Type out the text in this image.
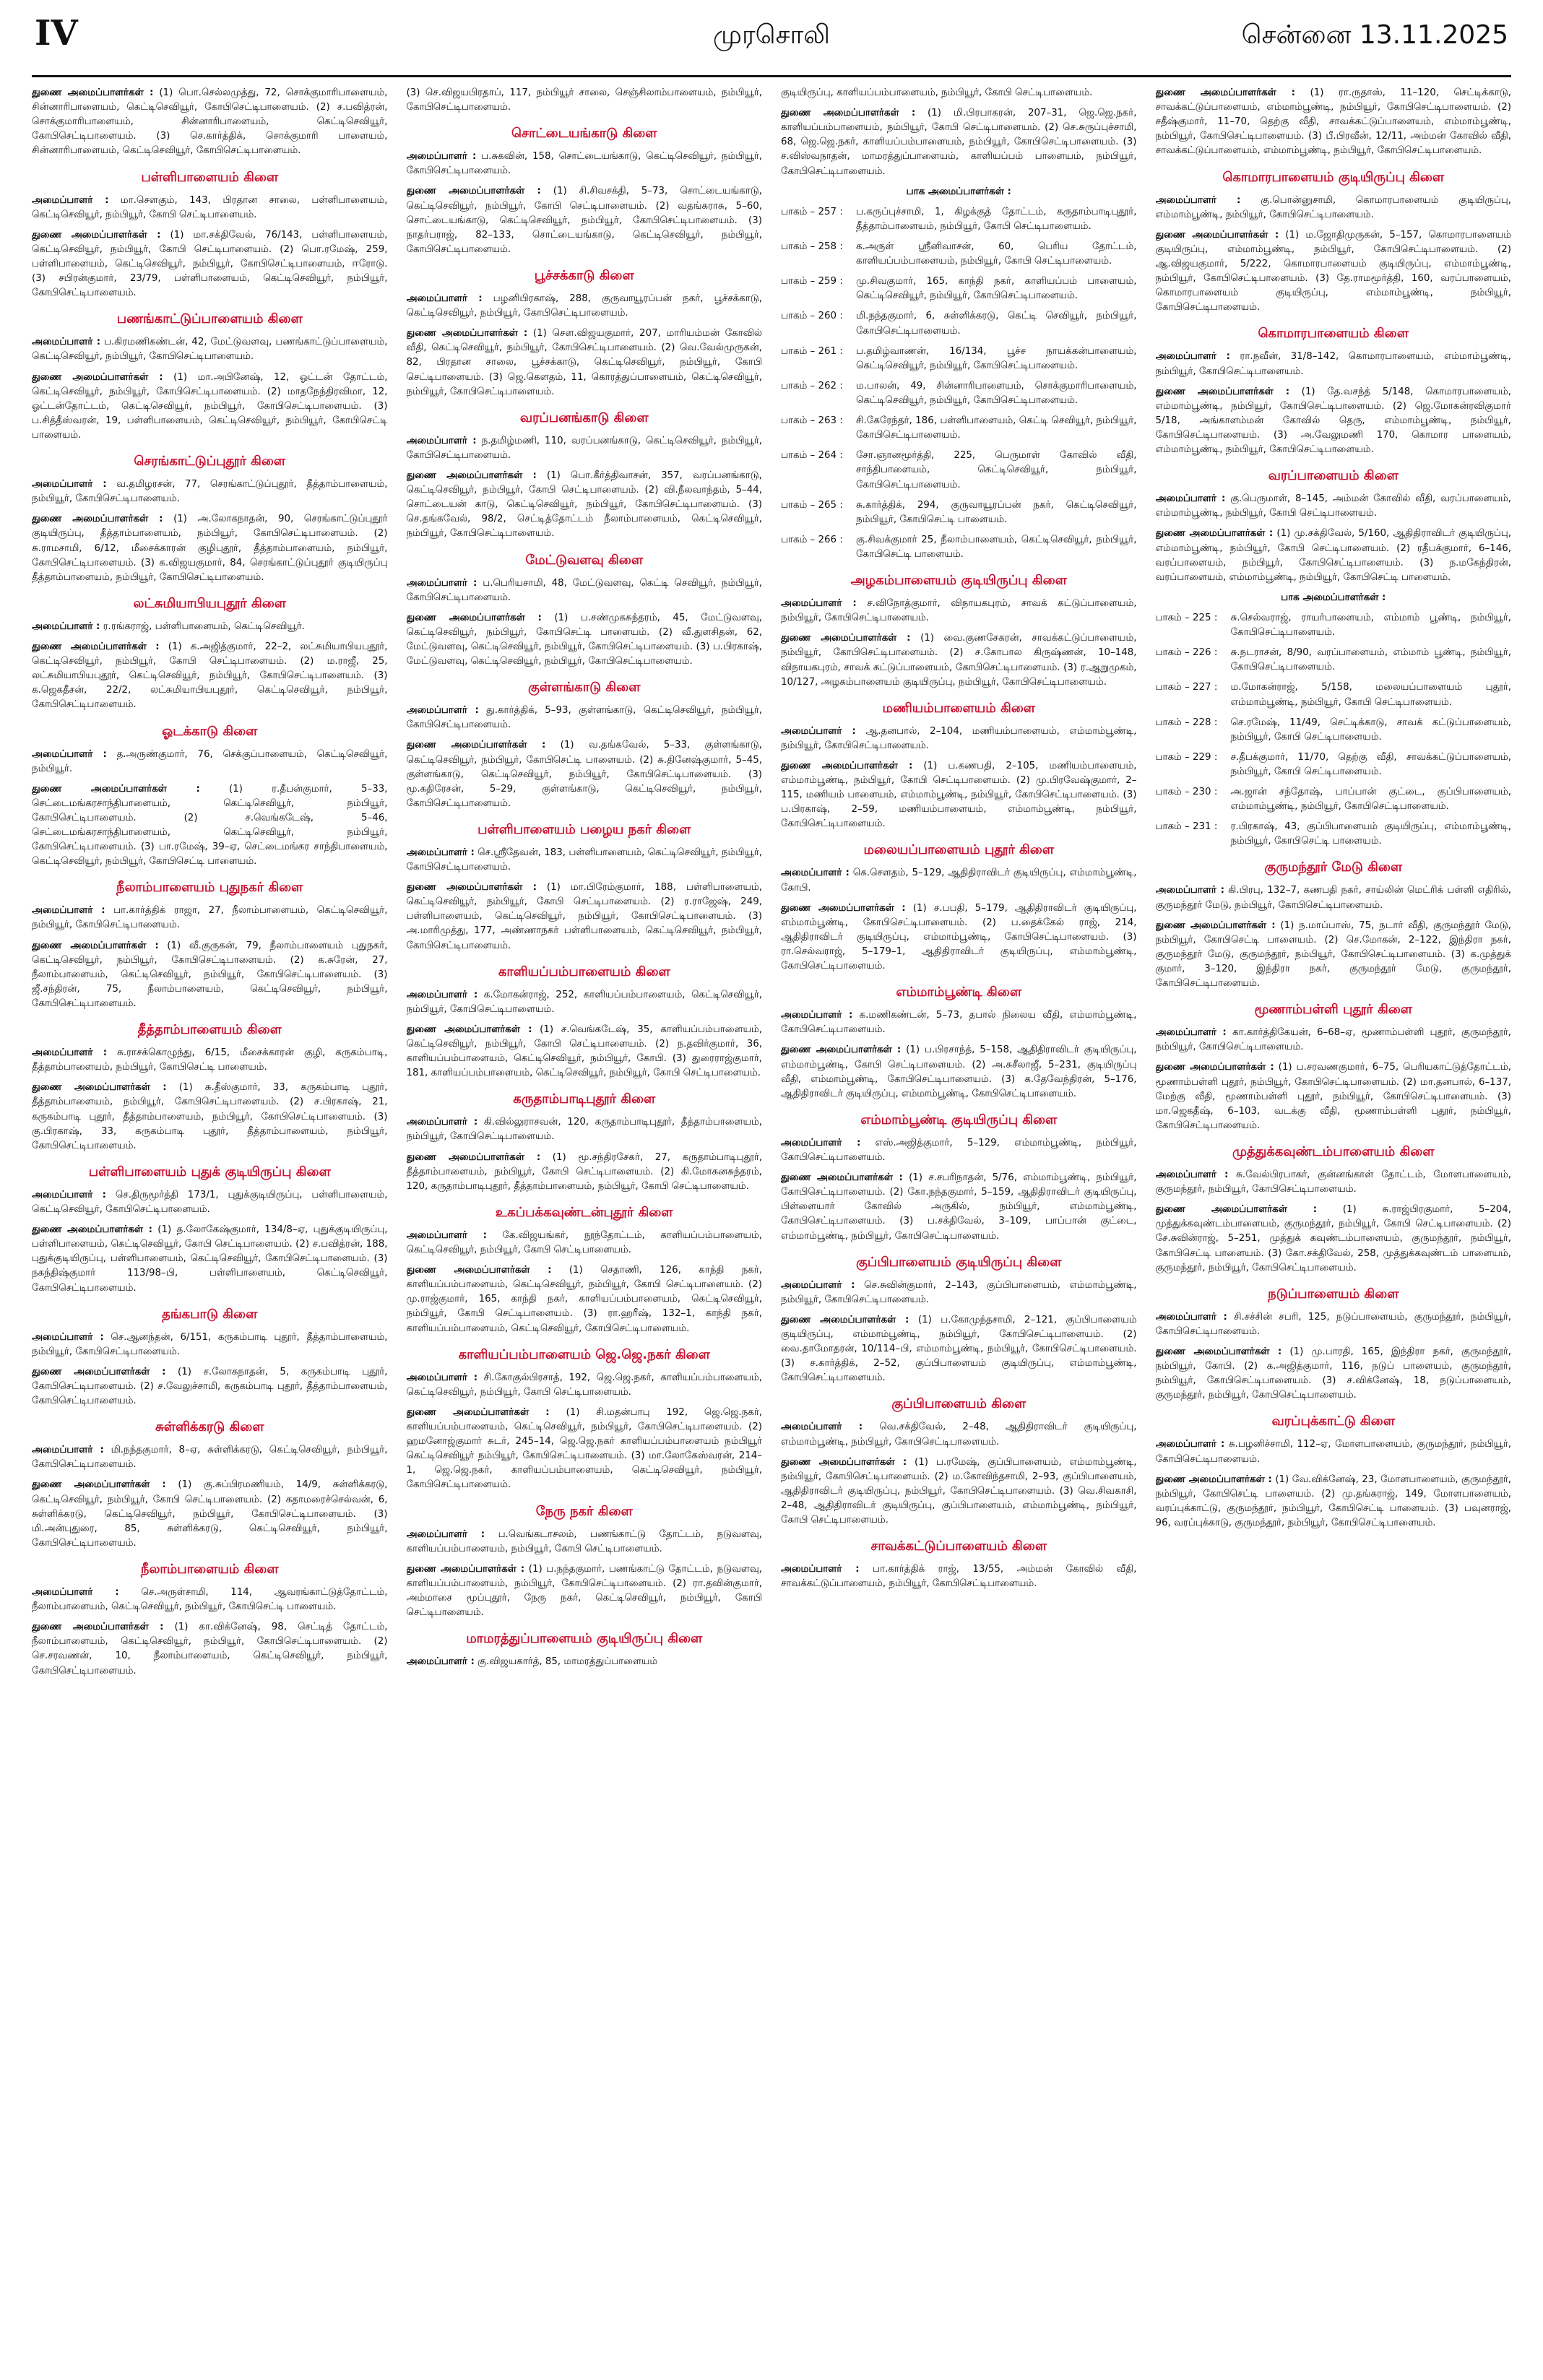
IV	முரசொலி	சென்னை 13.11.2025

துணை அமைப்பாளர்கள் : (1) பொ.செல்லமுத்து, 72, சொக்குமாரிபாளையம், சின்னாரிபாளையம், கெட்டிசெவியூர், கோபிசெட்டிபாளையம். (2) ச.பவித்ரன், சொக்குமாரிபாளையம், சின்னாரிபாளையம், கெட்டிசெவியூர், கோபிசெட்டிபாளையம். (3) செ.கார்த்திக், சொக்குமாரி பாளையம், சின்னாரிபாளையம், கெட்டிசெவியூர், கோபிசெட்டிபாளையம்.

பள்ளிபாளையம் கிளை

அமைப்பாளர் : மா.செளகும், 143, பிரதான சாலை, பள்ளிபாளையம், கெட்டிசெவியூர், நம்பியூர், கோபி செட்டிபாளையம்.

துணை அமைப்பாளர்கள் : (1) மா.சக்திவேல், 76/143, பள்ளிபாளையம், கெட்டிசெவியூர், நம்பியூர், கோபி செட்டிபாளையம். (2) பொ.ரமேஷ், 259, பள்ளிபாளையம், கெட்டிசெவியூர், நம்பியூர், கோபிசெட்டிபாளையம், ஈரோடு. (3) சபிரன்குமார், 23/79, பள்ளிபாளையம், கெட்டிசெவியூர், நம்பியூர், கோபிசெட்டிபாளையம்.

பணங்காட்டுப்பாளையம் கிளை

அமைப்பாளர் : ப.கிரமணிகண்டன், 42, மேட்டுவளவு, பணங்காட்டுப்பாளையம், கெட்டிசெவியூர், நம்பியூர், கோபிசெட்டிபாளையம்.

துணை அமைப்பாளர்கள் : (1) மா.அபினேஷ், 12, ஓட்டன் தோட்டம், கெட்டிசெவியூர், நம்பியூர், கோபிசெட்டிபாளையம். (2) மாதநேந்திரவிமா, 12, ஓட்டன்தோட்டம், கெட்டிசெவியூர், நம்பியூர், கோபிசெட்டிபாளையம். (3) ப.சித்தீஸ்வரன், 19, பள்ளிபாளையம், கெட்டிசெவியூர், நம்பியூர், கோபிசெட்டி பாளையம்.

செரங்காட்டுப்புதூர் கிளை

அமைப்பாளர் : வ.தமிழரசன், 77, செரங்காட்டுப்புதூர், தீத்தாம்பாளையம், நம்பியூர், கோபிசெட்டிபாளையம்.

துணை அமைப்பாளர்கள் : (1) அ.லோகநாதன், 90, செரங்காட்டுப்புதூர் குடியிருப்பு, தீத்தாம்பாளையம், நம்பியூர், கோபிசெட்டிபாளையம். (2) சு.ராமசாமி, 6/12, மீசைக்காரன் குழிபுதூர், தீத்தாம்பாளையம், நம்பியூர், கோபிசெட்டிபாளையம். (3) க.விஜயகுமார், 84, செரங்காட்டுப்புதூர் குடியிருப்பு தீத்தாம்பாளையம், நம்பியூர், கோபிசெட்டிபாளையம்.

லட்சுமியாபியபுதூர் கிளை

அமைப்பாளர் : ர.ரங்கராஜ், பள்ளிபாளையம், கெட்டிசெவியூர்.

துணை அமைப்பாளர்கள் : (1) க.அஜித்குமார், 22–2, லட்சுமியாபியபுதூர், கெட்டிசெவியூர், நம்பியூர், கோபி செட்டிபாளையம். (2) ம.ராஜீ, 25, லட்சுமியாபியபுதூர், கெட்டிசெவியூர், நம்பியூர், கோபிசெட்டிபாளையம். (3) க.ஜெகதீசன், 22/2, லட்சுமியாபியபுதூர், கெட்டிசெவியூர், நம்பியூர், கோபிசெட்டிபாளையம்.

ஓடக்காடு கிளை

அமைப்பாளர் : த.அருண்குமார், 76, செக்குப்பாளையம், கெட்டிசெவியூர், நம்பியூர்.

துணை அமைப்பாளர்கள் :	(1) ர.தீபன்குமார், 5–33, செட்டைமங்கரசாந்திபாளையம், கெட்டிசெவியூர், நம்பியூர், கோபிசெட்டிபாளையம். (2) ச.வெங்கடேஷ், 5–46, செட்டைமங்கரசாந்திபாளையம், கெட்டிசெவியூர், நம்பியூர், கோபிசெட்டிபாளையம். (3) பா.ரமேஷ், 39–ஏ, செட்டைமங்கர சாந்திபாளையம், கெட்டிசெவியூர், நம்பியூர், கோபிசெட்டி பாளையம்.

நீலாம்பாளையம் புதுநகர் கிளை

அமைப்பாளர் : பா.கார்த்திக் ராஜா, 27, நீலாம்பாளையம், கெட்டிசெவியூர், நம்பியூர், கோபிசெட்டிபாளையம்.

துணை அமைப்பாளர்கள் : (1) வீ.குருகன், 79, நீலாம்பாளையம் புதுநகர், கெட்டிசெவியூர், நம்பியூர், கோபிசெட்டிபாளையம். (2) க.சுரேன், 27, நீலாம்பாளையம், கெட்டிசெவியூர், நம்பியூர், கோபிசெட்டிபாளையம். (3) ஜீ.சந்திரன், 75, நீலாம்பாளையம், கெட்டிசெவியூர், நம்பியூர், கோபிசெட்டிபாளையம்.

தீத்தாம்பாளையம் கிளை

அமைப்பாளர் : சு.ராசக்கொழுந்து, 6/15, மீசைக்காரன் குழி, கருகம்பாடி, தீத்தாம்பாளையம், நம்பியூர், கோபிசெட்டி பாளையம்.

துணை அமைப்பாளர்கள் : (1) சு.தீஸ்குமார், 33, கருகம்பாடி புதூர், தீத்தாம்பாளையம், நம்பியூர், கோபிசெட்டிபாளையம். (2) ச.பிரகாஷ், 21, கருகம்பாடி புதூர், தீத்தாம்பாளையம், நம்பியூர், கோபிசெட்டிபாளையம். (3) கு.பிரகாஷ், 33, கருகம்பாடி புதூர், தீத்தாம்பாளையம், நம்பியூர், கோபிசெட்டிபாளையம்.

பள்ளிபாளையம் புதுக் குடியிருப்பு கிளை

அமைப்பாளர் : செ.திருமூர்த்தி 173/1, புதுக்குடியிருப்பு, பள்ளிபாளையம், கெட்டிசெவியூர், கோபிசெட்டிபாளையம்.

துணை அமைப்பாளர்கள் : (1) த.லோகேஷ்குமார், 134/8–ஏ, புதுக்குடியிருப்பு, பள்ளிபாளையம், கெட்டிசெவியூர், கோபி செட்டிபாளையம். (2) ச.பவித்ரன், 188, புதுக்குடியிருப்பு, பள்ளிபாளையம், கெட்டிசெவியூர், கோபிசெட்டிபாளையம். (3) நகந்திஷ்குமார் 113/98–பி, பள்ளிபாளையம், கெட்டிசெவியூர், கோபிசெட்டிபாளையம்.

தங்கபாடு கிளை

அமைப்பாளர் : செ.ஆனந்தன், 6/151, கருகம்பாடி புதூர், தீத்தாம்பாளையம், நம்பியூர், கோபிசெட்டிபாளையம்.

துணை அமைப்பாளர்கள் : (1) ச.லோகநாதன், 5, கருகம்பாடி புதூர், கோபிசெட்டிபாளையம். (2) ச.வேலுச்சாமி, கருகம்பாடி புதூர், தீத்தாம்பாளையம், கோபிசெட்டிபாளையம்.

சுள்ளிக்கரடு கிளை

அமைப்பாளர் : மி.நந்தகுமார், 8–ஏ, சுள்ளிக்கரடு, கெட்டிசெவியூர், நம்பியூர், கோபிசெட்டிபாளையம்.

துணை அமைப்பாளர்கள் : (1) கு.சுப்பிரமணியம், 14/9, சுள்ளிக்கரடு, கெட்டிசெவியூர், நம்பியூர், கோபி செட்டிபாளையம். (2) கதாமரைச்செல்வன், 6, சுள்ளிக்கரடு, கெட்டிசெவியூர், நம்பியூர், கோபிசெட்டிபாளையம். (3) மி.அன்புதுரை, 85, சுள்ளிக்கரடு, கெட்டிசெவியூர், நம்பியூர், கோபிசெட்டிபாளையம்.

நீலாம்பாளையம் கிளை

அமைப்பாளர் : செ.அருள்சாமி, 114, ஆவரங்காட்டுத்தோட்டம், நீலாம்பாளையம், கெட்டிசெவியூர், நம்பியூர், கோபிசெட்டி பாளையம்.

துணை அமைப்பாளர்கள் : (1) கா.விக்னேஷ், 98, செட்டித் தோட்டம், நீலாம்பாளையம், கெட்டிசெவியூர், நம்பியூர், கோபிசெட்டிபாளையம். (2) செ.சரவணன், 10, நீலாம்பாளையம், கெட்டிசெவியூர், நம்பியூர், கோபிசெட்டிபாளையம்.

(3) செ.விஜயபிரதாப், 117, நம்பியூர் சாலை, செஞ்சிலாம்பாளையம், நம்பியூர், கோபிசெட்டிபாளையம்.

சொட்டையங்காடு கிளை

அமைப்பாளர் : ப.சுகவின், 158, சொட்டையங்காடு, கெட்டிசெவியூர், நம்பியூர், கோபிசெட்டிபாளையம்.

துணை அமைப்பாளர்கள் : (1) சி.சிவசக்தி, 5–73, சொட்டையங்காடு, கெட்டிசெவியூர், நம்பியூர், கோபி செட்டிபாளையம். (2) வதங்கராசு, 5–60, சொட்டையங்காடு, கெட்டிசெவியூர், நம்பியூர், கோபிசெட்டிபாளையம். (3) நாதர்பராஜ், 82–133, சொட்டையங்காடு, கெட்டிசெவியூர், நம்பியூர், கோபிசெட்டிபாளையம்.

பூச்சக்காடு கிளை

அமைப்பாளர் : பழனிபிரகாஷ், 288, குருவாயூரப்பன் நகர், பூச்சக்காடு, கெட்டிசெவியூர், நம்பியூர், கோபிசெட்டிபாளையம்.

துணை அமைப்பாளர்கள் : (1) செள.விஜயகுமார், 207, மாரியம்மன் கோவில் வீதி, கெட்டிசெவியூர், நம்பியூர், கோபிசெட்டிபாளையம். (2) வெ.வேல்முருகன், 82, பிரதான சாலை, பூச்சக்காடு, கெட்டிசெவியூர், நம்பியூர், கோபி செட்டிபாளையம். (3) ஜெ.கௌதம், 11, கொரத்துப்பாளையம், கெட்டிசெவியூர், நம்பியூர், கோபிசெட்டிபாளையம்.

வரப்பனங்காடு கிளை

அமைப்பாளர் : ந.தமிழ்மணி, 110, வரப்பனங்காடு, கெட்டிசெவியூர், நம்பியூர், கோபிசெட்டிபாளையம்.

துணை அமைப்பாளர்கள் : (1) பொ.கீர்த்திவாசன், 357, வரப்பனங்காடு, கெட்டிசெவியூர், நம்பியூர், கோபி செட்டிபாளையம். (2) வி.நீலவாந்தம், 5–44, சொட்டையன் காடு, கெட்டிசெவியூர், நம்பியூர், கோபிசெட்டிபாளையம். (3) செ.தங்கவேல், 98/2, செட்டித்தோட்டம் நீலாம்பாளையம், கெட்டிசெவியூர், நம்பியூர், கோபிசெட்டிபாளையம்.

மேட்டுவளவு கிளை

அமைப்பாளர் : ப.பெரியசாமி, 48, மேட்டுவளவு, கெட்டி செவியூர், நம்பியூர், கோபிசெட்டிபாளையம்.

துணை அமைப்பாளர்கள் : (1) ப.சண்முகசுந்தரம், 45, மேட்டுவளவு, கெட்டிசெவியூர், நம்பியூர், கோபிசெட்டி பாளையம். (2) வீ.துளசிதன், 62, மேட்டுவளவு, கெட்டிசெவியூர், நம்பியூர், கோபிசெட்டிபாளையம். (3) ப.பிரகாஷ், மேட்டுவளவு, கெட்டிசெவியூர், நம்பியூர், கோபிசெட்டிபாளையம்.

குள்ளங்காடு கிளை

அமைப்பாளர் : து.கார்த்திக், 5–93, குள்ளங்காடு, கெட்டிசெவியூர், நம்பியூர், கோபிசெட்டிபாளையம்.

துணை அமைப்பாளர்கள் : (1) வ.தங்கவேல், 5–33, குள்ளங்காடு, கெட்டிசெவியூர், நம்பியூர், கோபிசெட்டி பாளையம். (2) சு.தினேஷ்குமார், 5–45, குள்ளங்காடு, கெட்டிசெவியூர், நம்பியூர், கோபிசெட்டிபாளையம். (3) மூ.கதிரேசன், 5–29, குள்ளங்காடு, கெட்டிசெவியூர், நம்பியூர், கோபிசெட்டிபாளையம்.

பள்ளிபாளையம் பழைய நகர் கிளை

அமைப்பாளர் : செ.ஸ்ரீதேவன், 183, பள்ளிபாளையம், கெட்டிசெவியூர், நம்பியூர், கோபிசெட்டிபாளையம்.

துணை அமைப்பாளர்கள் : (1) மா.பிரேம்குமார், 188, பள்ளிபாளையம், கெட்டிசெவியூர், நம்பியூர், கோபி செட்டிபாளையம். (2) ர.ராஜேஷ், 249, பள்ளிபாளையம், கெட்டிசெவியூர், நம்பியூர், கோபிசெட்டிபாளையம். (3) அ.மாரிமுத்து, 177, அண்ணாநகர் பள்ளிபாளையம், கெட்டிசெவியூர், நம்பியூர், கோபிசெட்டிபாளையம்.

காளியப்பம்பாளையம் கிளை

அமைப்பாளர் : க.மோகன்ராஜ், 252, காளியப்பம்பாளையம், கெட்டிசெவியூர், நம்பியூர், கோபிசெட்டிபாளையம்.

துணை அமைப்பாளர்கள் : (1) ச.வெங்கடேஷ், 35, காளியப்பம்பாளையம், கெட்டிசெவியூர், நம்பியூர், கோபி செட்டிபாளையம். (2) ந.தவிர்குமார், 36, காளியப்பம்பாளையம், கெட்டிசெவியூர், நம்பியூர், கோபி. (3) துரைராஜ்குமார், 181, காளியப்பம்பாளையம், கெட்டிசெவியூர், நம்பியூர், கோபி செட்டிபாளையம்.

கருதாம்பாடிபுதூர் கிளை

அமைப்பாளர் : கி.வில்லுராசவன், 120, கருதாம்பாடிபுதூர், தீத்தாம்பாளையம், நம்பியூர், கோபிசெட்டிபாளையம்.

துணை அமைப்பாளர்கள் : (1) மூ.சந்திரசேகர், 27, கருதாம்பாடிபுதூர், தீத்தாம்பாளையம், நம்பியூர், கோபி செட்டிபாளையம். (2) கி.மோகனசுந்தரம், 120, கருதாம்பாடிபுதூர், தீத்தாம்பாளையம், நம்பியூர், கோபி செட்டிபாளையம்.

உகப்பக்கவுண்டன்புதூர் கிளை

அமைப்பாளர் : கே.விஜயங்கர், நூந்தோட்டம், காளியப்பம்பாளையம், கெட்டிசெவியூர், நம்பியூர், கோபி செட்டிபாளையம்.

துணை அமைப்பாளர்கள் : (1) செதாணி, 126, காந்தி நகர், காளியப்பம்பாளையம், கெட்டிசெவியூர், நம்பியூர், கோபி செட்டிபாளையம். (2) மு.ராஜ்குமார், 165, காந்தி நகர், காளியப்பம்பாளையம், கெட்டிசெவியூர், நம்பியூர், கோபி செட்டிபாளையம். (3) ரா.ஹரீஷ், 132–1, காந்தி நகர், காளியப்பம்பாளையம், கெட்டிசெவியூர், கோபிசெட்டிபாளையம்.

காளியப்பம்பாளையம் ஜெ.ஜெ.நகர் கிளை

அமைப்பாளர் : சி.கோகுல்பிரசாத், 192, ஜெ.ஜெ.நகர், காளியப்பம்பாளையம், கெட்டிசெவியூர், நம்பியூர், கோபி செட்டிபாளையம்.

துணை அமைப்பாளர்கள் : (1) சி.மதன்பாபு 192, ஜெ.ஜெ.நகர், காளியப்பம்பாளையம், கெட்டிசெவியூர், நம்பியூர், கோபிசெட்டிபாளையம். (2) ஹமனோஜ்குமார் சுடர், 245–14, ஜெ.ஜெ.நகர் காளியப்பம்பாளையம் நம்பியூர் கெட்டிசெவியூர் நம்பியூர், கோபிசெட்டிபாளையம். (3) மா.லோகேஸ்வரன், 214–1, ஜெ.ஜெ.நகர், காளியப்பம்பாளையம், கெட்டிசெவியூர், நம்பியூர், கோபிசெட்டிபாளையம்.

நேரு நகர் கிளை

அமைப்பாளர் : ப.வெங்கடாசலம், பணங்காட்டு தோட்டம், நடுவளவு, காளியப்பம்பாளையம், நம்பியூர், கோபி செட்டிபாளையம்.

துணை அமைப்பாளர்கள் : (1) ப.நந்தகுமார், பணங்காட்டு தோட்டம், நடுவளவு, காளியப்பம்பாளையம், நம்பியூர், கோபிசெட்டிபாளையம். (2) ரா.தவின்குமார், அம்மாசை மூப்புதூர், நேரு நகர், கெட்டிசெவியூர், நம்பியூர், கோபி செட்டிபாளையம்.

மாமரத்துப்பாளையம் குடியிருப்பு கிளை

அமைப்பாளர் : கு.விஜயகார்த், 85, மாமரத்துப்பாளையம்

குடியிருப்பு, காளியப்பம்பாளையம், நம்பியூர், கோபி செட்டிபாளையம்.

துணை அமைப்பாளர்கள் : (1) மி.பிரபாகரன், 207–31, ஜெ.ஜெ.நகர், காளியப்பம்பாளையம், நம்பியூர், கோபி செட்டிபாளையம். (2) செ.சுருப்புச்சாமி, 68, ஜெ.ஜெ.நகர், காளியப்பம்பாளையம், நம்பியூர், கோபிசெட்டிபாளையம். (3) ச.விஸ்வநாதன், மாமரத்துப்பாளையம், காளியப்பம் பாளையம், நம்பியூர், கோபிசெட்டிபாளையம்.

பாக அமைப்பாளர்கள் :
பாகம் – 257 :	ப.கருப்புச்சாமி, 1, கிழக்குத் தோட்டம், கருதாம்பாடிபுதூர், தீத்தாம்பாளையம், நம்பியூர், கோபி செட்டிபாளையம்.
பாகம் – 258 :	க.அருள் ஸ்ரீனிவாசன், 60, பெரிய தோட்டம், காளியப்பம்பாளையம், நம்பியூர், கோபி செட்டிபாளையம்.
பாகம் – 259 :	மு.சிவகுமார், 165, காந்தி நகர், காளியப்பம் பாளையம், கெட்டிசெவியூர், நம்பியூர், கோபிசெட்டிபாளையம்.
பாகம் – 260 :	மி.நந்தகுமார், 6, சுள்ளிக்கரடு, கெட்டி செவியூர், நம்பியூர், கோபிசெட்டிபாளையம்.
பாகம் – 261 :	ப.தமிழ்வாணன், 16/134, பூச்ச நாயக்கன்பாளையம், கெட்டிசெவியூர், நம்பியூர், கோபிசெட்டிபாளையம்.
பாகம் – 262 :	ம.பாலன், 49, சின்னாரிபாளையம், சொக்குமாரிபாளையம், கெட்டிசெவியூர், நம்பியூர், கோபிசெட்டிபாளையம்.
பாகம் – 263 :	சி.கேரேந்தர், 186, பள்ளிபாளையம், கெட்டி செவியூர், நம்பியூர், கோபிசெட்டிபாளையம்.
பாகம் – 264 :	சோ.ஞானமூர்த்தி, 225, பெருமாள் கோவில் வீதி, சாந்திபாளையம், கெட்டிசெவியூர், நம்பியூர், கோபிசெட்டிபாளையம்.
பாகம் – 265 :	சு.கார்த்திக், 294, குருவாயூரப்பன் நகர், கெட்டிசெவியூர், நம்பியூர், கோபிசெட்டி பாளையம்.
பாகம் – 266 :	கு.சிவக்குமார் 25, நீலாம்பாளையம், கெட்டிசெவியூர், நம்பியூர், கோபிசெட்டி பாளையம்.
அழகம்பாளையம் குடியிருப்பு கிளை

அமைப்பாளர் : ச.விநோத்குமார், விநாயகபுரம், சாவக் கட்டுப்பாளையம், நம்பியூர், கோபிசெட்டிபாளையம்.

துணை அமைப்பாளர்கள் : (1) வை.குணசேகரன், சாவக்கட்டுப்பாளையம், நம்பியூர், கோபிசெட்டிபாளையம். (2) ச.கோபால கிருஷ்ணன், 10–148, விநாயகபுரம், சாவக் கட்டுப்பாளையம், கோபிசெட்டிபாளையம். (3) ர.ஆறுமுகம், 10/127, அழகம்பாளையம் குடியிருப்பு, நம்பியூர், கோபிசெட்டிபாளையம்.

மணியம்பாளையம் கிளை

அமைப்பாளர் : ஆ.தனபால், 2–104, மணியம்பாளையம், எம்மாம்பூண்டி, நம்பியூர், கோபிசெட்டிபாளையம்.

துணை அமைப்பாளர்கள் : (1) ப.கணபதி, 2–105, மணியம்பாளையம், எம்மாம்பூண்டி, நம்பியூர், கோபி செட்டிபாளையம். (2) மு.பிரவேஷ்குமார், 2–115, மணியம் பாளையம், எம்மாம்பூண்டி, நம்பியூர், கோபிசெட்டிபாளையம். (3) ப.பிரகாஷ், 2–59, மணியம்பாளையம், எம்மாம்பூண்டி, நம்பியூர், கோபிசெட்டிபாளையம்.

மலையப்பாளையம் புதூர் கிளை

அமைப்பாளர் : கெ.செளதம், 5–129, ஆதிதிராவிடர் குடியிருப்பு, எம்மாம்பூண்டி, கோபி.

துணை அமைப்பாளர்கள் : (1) ச.பபதி, 5–179, ஆதிதிராவிடர் குடியிருப்பு, எம்மாம்பூண்டி, கோபிசெட்டிபாளையம். (2) ப.தைக்கேல் ராஜ், 214, ஆதிதிராவிடர் குடியிருப்பு, எம்மாம்பூண்டி, கோபிசெட்டிபாளையம். (3) ரா.செல்வராஜ், 5–179–1, ஆதிதிராவிடர் குடியிருப்பு, எம்மாம்பூண்டி, கோபிசெட்டிபாளையம்.

எம்மாம்பூண்டி கிளை

அமைப்பாளர் : க.மணிகண்டன், 5–73, தபால் நிலைய வீதி, எம்மாம்பூண்டி, கோபிசெட்டிபாளையம்.

துணை அமைப்பாளர்கள் : (1) ப.பிரசாந்த், 5–158, ஆதிதிராவிடர் குடியிருப்பு, எம்மாம்பூண்டி, கோபி செட்டிபாளையம். (2) அ.சுசீலாஜீ, 5–231, குடியிருப்பு வீதி, எம்மாம்பூண்டி, கோபிசெட்டிபாளையம். (3) க.தேவேந்திரன், 5–176, ஆதிதிராவிடர் குடியிருப்பு, எம்மாம்பூண்டி, கோபிசெட்டிபாளையம்.

எம்மாம்பூண்டி குடியிருப்பு கிளை

அமைப்பாளர் : எஸ்.அஜித்குமார், 5–129, எம்மாம்பூண்டி, நம்பியூர், கோபிசெட்டிபாளையம்.

துணை அமைப்பாளர்கள் : (1) ச.சபரிநாதன், 5/76, எம்மாம்பூண்டி, நம்பியூர், கோபிசெட்டிபாளையம். (2) கோ.நந்தகுமார், 5–159, ஆதிதிராவிடர் குடியிருப்பு, பிள்ளையார் கோவில் அருகில், நம்பியூர், எம்மாம்பூண்டி, கோபிசெட்டிபாளையம். (3) ப.சக்திவேல், 3–109, பாப்பான் குட்டை, எம்மாம்பூண்டி, நம்பியூர், கோபிசெட்டிபாளையம்.

குப்பிபாளையம் குடியிருப்பு கிளை

அமைப்பாளர் : செ.சுவின்குமார், 2–143, குப்பிபாளையம், எம்மாம்பூண்டி, நம்பியூர், கோபிசெட்டிபாளையம்.

துணை அமைப்பாளர்கள் : (1) ப.கோமுந்தசாமி, 2–121, குப்பிபாளையம் குடியிருப்பு, எம்மாம்பூண்டி, நம்பியூர், கோபிசெட்டிபாளையம். (2) வை.தாமோதரன், 10/114–பி, எம்மாம்பூண்டி, நம்பியூர், கோபிசெட்டிபாளையம். (3) ச.கார்த்திக், 2–52, குப்பிபாளையம் குடியிருப்பு, எம்மாம்பூண்டி, கோபிசெட்டிபாளையம்.

குப்பிபாளையம் கிளை

அமைப்பாளர் : வெ.சக்திவேல், 2–48, ஆதிதிராவிடர் குடியிருப்பு, எம்மாம்பூண்டி, நம்பியூர், கோபிசெட்டிபாளையம்.

துணை அமைப்பாளர்கள் : (1) ப.ரமேஷ், குப்பிபாளையம், எம்மாம்பூண்டி, நம்பியூர், கோபிசெட்டிபாளையம். (2) ம.கோவிந்தசாமி, 2–93, குப்பிபாளையம், ஆதிதிராவிடர் குடியிருப்பு, நம்பியூர், கோபிசெட்டிபாளையம். (3) வெ.சிவகாசி, 2–48, ஆதிதிராவிடர் குடியிருப்பு, குப்பிபாளையம், எம்மாம்பூண்டி, நம்பியூர், கோபி செட்டிபாளையம்.

சாவக்கட்டுப்பாளையம் கிளை

அமைப்பாளர் : பா.கார்த்திக் ராஜ், 13/55, அம்மன் கோவில் வீதி, சாவக்கட்டுப்பாளையம், நம்பியூர், கோபிசெட்டிபாளையம்.

துணை அமைப்பாளர்கள் : (1) ரா.ருதாஸ், 11–120, செட்டிக்காடு, சாவக்கட்டுப்பாளையம், எம்மாம்பூண்டி, நம்பியூர், கோபிசெட்டிபாளையம். (2) சதீஷ்குமார், 11–70, தெற்கு வீதி, சாவக்கட்டுப்பாளையம், எம்மாம்பூண்டி, நம்பியூர், கோபிசெட்டிபாளையம். (3) பீ.பிரவீன், 12/11, அம்மன் கோவில் வீதி, சாவக்கட்டுப்பாளையம், எம்மாம்பூண்டி, நம்பியூர், கோபிசெட்டிபாளையம்.

கொமாரபாளையம் குடியிருப்பு கிளை

அமைப்பாளர் : கு.பொன்னுசாமி, கொமாரபாளையம் குடியிருப்பு, எம்மாம்பூண்டி, நம்பியூர், கோபிசெட்டிபாளையம்.

துணை அமைப்பாளர்கள் : (1) ம.ஜோதிமுருகன், 5–157, கொமாரபாளையம் குடியிருப்பு, எம்மாம்பூண்டி, நம்பியூர், கோபிசெட்டிபாளையம். (2) ஆ.விஜயகுமார், 5/222, கொமாரபாளையம் குடியிருப்பு, எம்மாம்பூண்டி, நம்பியூர், கோபிசெட்டிபாளையம். (3) தே.ராமமூர்த்தி, 160, வரப்பாளையம், கொமாரபாளையம் குடியிருப்பு, எம்மாம்பூண்டி, நம்பியூர், கோபிசெட்டிபாளையம்.

கொமாரபாளையம் கிளை

அமைப்பாளர் : ரா.நவீன், 31/8–142, கொமாரபாளையம், எம்மாம்பூண்டி, நம்பியூர், கோபிசெட்டிபாளையம்.

துணை அமைப்பாளர்கள் : (1) தே.வசந்த் 5/148, கொமாரபாளையம், எம்மாம்பூண்டி, நம்பியூர், கோபிசெட்டிபாளையம். (2) ஜெ.மோகன்ரவிகுமார் 5/18, அங்காளம்மன் கோவில் தெரு, எம்மாம்பூண்டி, நம்பியூர், கோபிசெட்டிபாளையம். (3) அ.வேலுமணி 170, கொமார பாளையம், எம்மாம்பூண்டி, நம்பியூர், கோபிசெட்டிபாளையம்.

வரப்பாளையம் கிளை

அமைப்பாளர் : கு.பெருமாள், 8–145, அம்மன் கோவில் வீதி, வரப்பாளையம், எம்மாம்பூண்டி, நம்பியூர், கோபி செட்டிபாளையம்.

துணை அமைப்பாளர்கள் : (1) மு.சக்திவேல், 5/160, ஆதிதிராவிடர் குடியிருப்பு, எம்மாம்பூண்டி, நம்பியூர், கோபி செட்டிபாளையம். (2) ரதீபக்குமார், 6–146, வரப்பாளையம், நம்பியூர், கோபிசெட்டிபாளையம். (3) ந.மகேந்திரன், வரப்பாளையம், எம்மாம்பூண்டி, நம்பியூர், கோபிசெட்டி பாளையம்.

பாக அமைப்பாளர்கள் :
பாகம் – 225 :	சு.செல்வராஜ், ராயர்பாளையம், எம்மாம் பூண்டி, நம்பியூர், கோபிசெட்டிபாளையம்.
பாகம் – 226 :	சு.நடராசன், 8/90, வரப்பாளையம், எம்மாம் பூண்டி, நம்பியூர், கோபிசெட்டிபாளையம்.
பாகம் – 227 :	ம.மோகன்ராஜ், 5/158, மலையப்பாளையம் புதூர், எம்மாம்பூண்டி, நம்பியூர், கோபி செட்டிபாளையம்.
பாகம் – 228 :	செ.ரமேஷ், 11/49, செட்டிக்காடு, சாவக் கட்டுப்பாளையம், நம்பியூர், கோபி செட்டிபாளையம்.
பாகம் – 229 :	ச.தீபக்குமார், 11/70, தெற்கு வீதி, சாவக்கட்டுப்பாளையம், நம்பியூர், கோபி செட்டிபாளையம்.
பாகம் – 230 :	அ.ஜான் சந்தோஷ், பாப்பான் குட்டை, குப்பிபாளையம், எம்மாம்பூண்டி, நம்பியூர், கோபிசெட்டிபாளையம்.
பாகம் – 231 :	ர.பிரகாஷ், 43, குப்பிபாளையம் குடியிருப்பு, எம்மாம்பூண்டி, நம்பியூர், கோபிசெட்டி பாளையம்.
குருமந்தூர் மேடு கிளை

அமைப்பாளர் : கி.பிரபு, 132–7, கணபதி நகர், சாய்லின் மெட்ரிக் பள்ளி எதிரில், குருமந்தூர் மேடு, நம்பியூர், கோபிசெட்டிபாளையம்.

துணை அமைப்பாளர்கள் : (1) ந.மாப்பாஸ், 75, நடார் வீதி, குருமந்தூர் மேடு, நம்பியூர், கோபிசெட்டி பாளையம். (2) செ.மோகன், 2–122, இந்திரா நகர், குருமந்தூர் மேடு, குருமந்தூர், நம்பியூர், கோபிசெட்டிபாளையம். (3) க.முத்துக் குமார், 3–120, இந்திரா நகர், குருமந்தூர் மேடு, குருமந்தூர், கோபிசெட்டிபாளையம்.

மூணாம்பள்ளி புதூர் கிளை

அமைப்பாளர் : கா.கார்த்திகேயன், 6–68–ஏ, மூணாம்பள்ளி புதூர், குருமந்தூர், நம்பியூர், கோபிசெட்டிபாளையம்.

துணை அமைப்பாளர்கள் : (1) ப.சரவணகுமார், 6–75, பெரியகாட்டுத்தோட்டம், மூணாம்பள்ளி புதூர், நம்பியூர், கோபிசெட்டிபாளையம். (2) மா.தனபால், 6–137, மேற்கு வீதி, மூணாம்பள்ளி புதூர், நம்பியூர், கோபிசெட்டிபாளையம். (3) மா.ஜெகதீஷ், 6–103, வடக்கு வீதி, மூணாம்பள்ளி புதூர், நம்பியூர், கோபிசெட்டிபாளையம்.

முத்துக்கவுண்டம்பாளையம் கிளை

அமைப்பாளர் : சு.வேல்பிரபாகர், குன்னங்காள் தோட்டம், மோளபாளையம், குருமந்தூர், நம்பியூர், கோபிசெட்டிபாளையம்.

துணை அமைப்பாளர்கள் :	(1) சு.ராஜ்பிரகுமார், 5–204, முத்துக்கவுண்டம்பாளையம், குருமந்தூர், நம்பியூர், கோபி செட்டிபாளையம். (2) சே.சுவின்ராஜ், 5–251, முத்துக் கவுண்டம்பாளையம், குருமந்தூர், நம்பியூர், கோபிசெட்டி பாளையம். (3) கோ.சக்திவேல், 258, முத்துக்கவுண்டம் பாளையம், குருமந்தூர், நம்பியூர், கோபிசெட்டிபாளையம்.

நடுப்பாளையம் கிளை

அமைப்பாளர் : சி.சச்சின் சபரி, 125, நடுப்பாளையம், குருமந்தூர், நம்பியூர், கோபிசெட்டிபாளையம்.

துணை அமைப்பாளர்கள் : (1) மு.பாரதி, 165, இந்திரா நகர், குருமந்தூர், நம்பியூர், கோபி. (2) க.அஜித்குமார், 116, நடுப் பாளையம், குருமந்தூர், நம்பியூர், கோபிசெட்டிபாளையம். (3) ச.விக்னேஷ், 18, நடுப்பாளையம், குருமந்தூர், நம்பியூர், கோபிசெட்டிபாளையம்.

வரப்புக்காட்டு கிளை

அமைப்பாளர் : சு.பழனிச்சாமி, 112–ஏ, மோளபாளையம், குருமந்தூர், நம்பியூர், கோபிசெட்டிபாளையம்.

துணை அமைப்பாளர்கள் : (1) வே.விக்னேஷ், 23, மோளபாளையம், குருமந்தூர், நம்பியூர், கோபிசெட்டி பாளையம். (2) மு.தங்கராஜ், 149, மோளபாளையம், வரப்புக்காட்டு, குருமந்தூர், நம்பியூர், கோபிசெட்டி பாளையம். (3) பவுனராஜ், 96, வரப்புக்காடு, குருமந்தூர், நம்பியூர், கோபிசெட்டிபாளையம்.
